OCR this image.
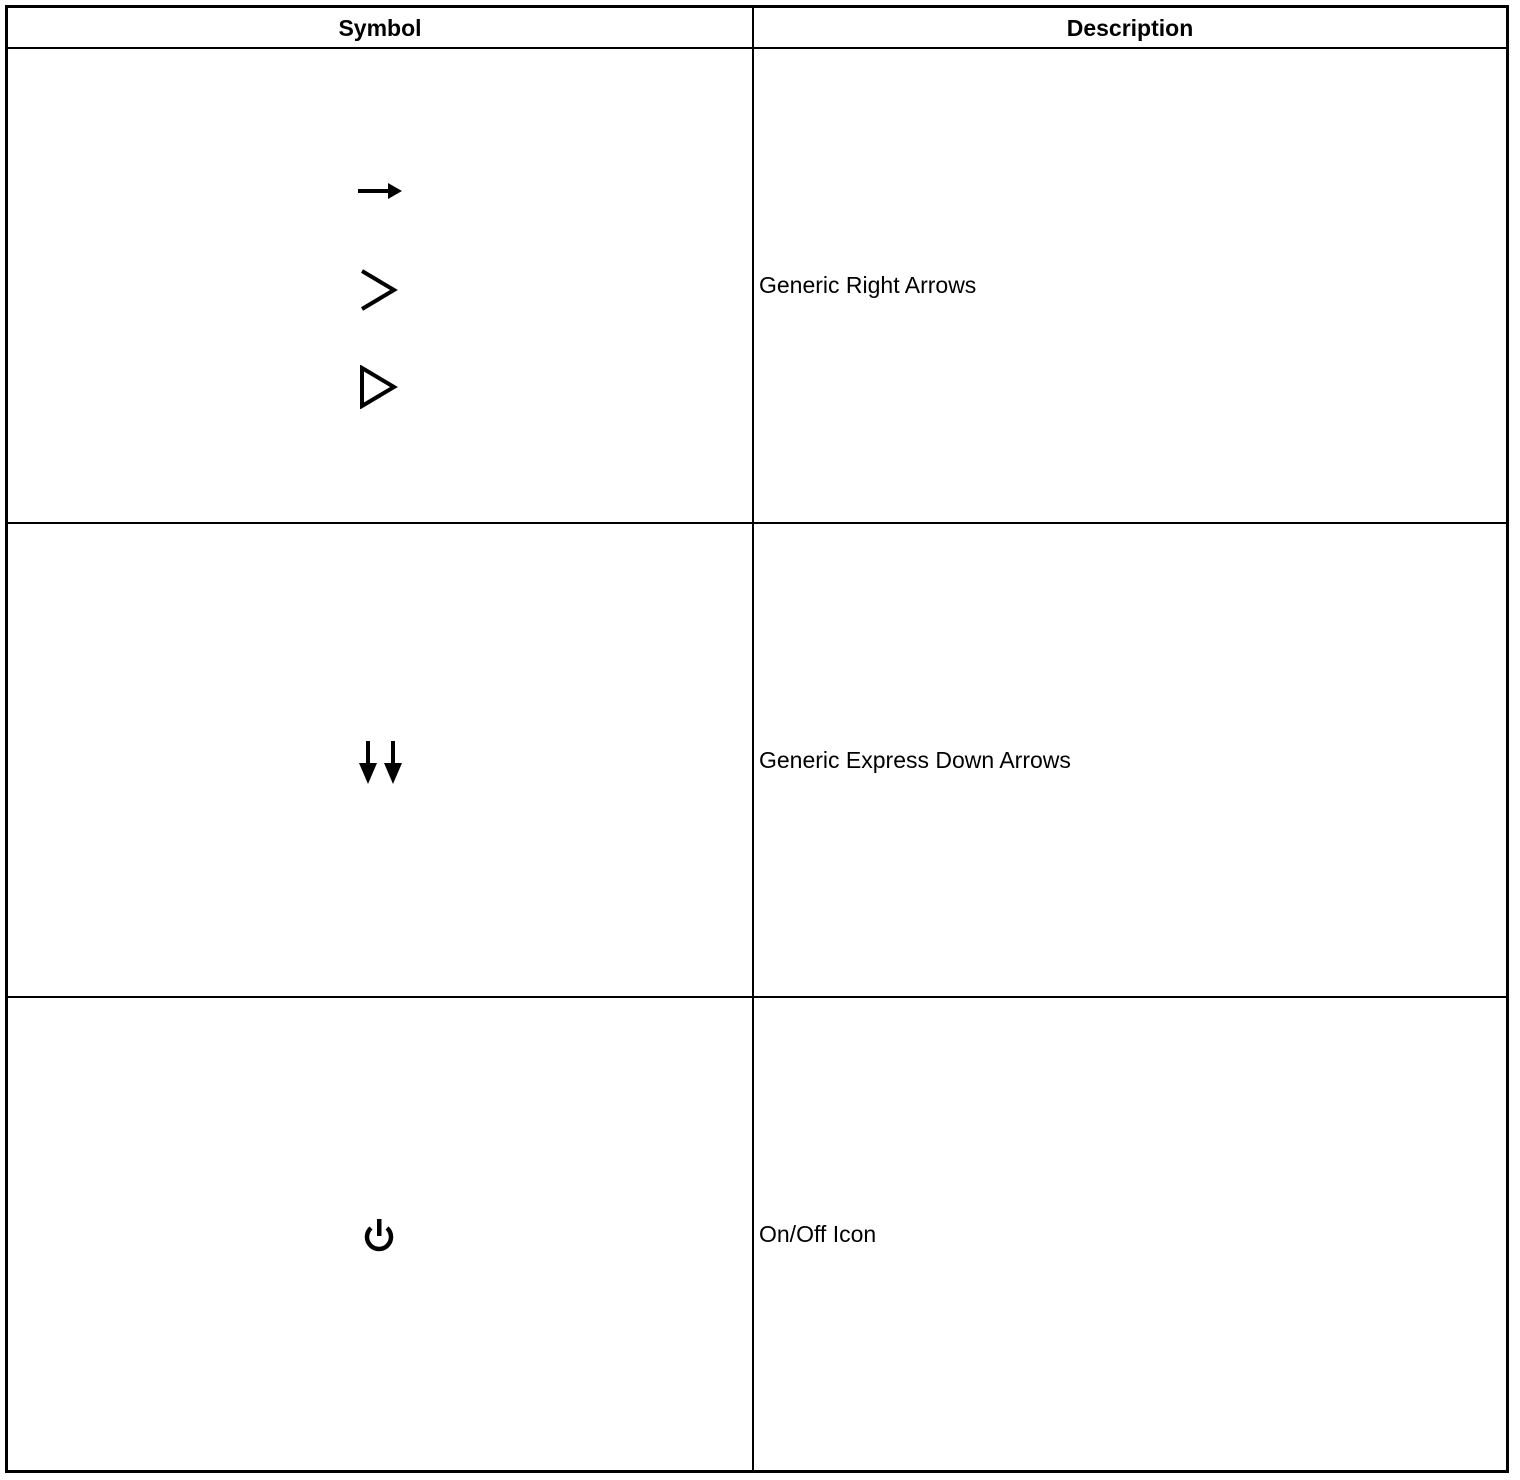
Symbol	Description
Generic Right Arrows
Generic Express Down Arrows
On/Off Icon
